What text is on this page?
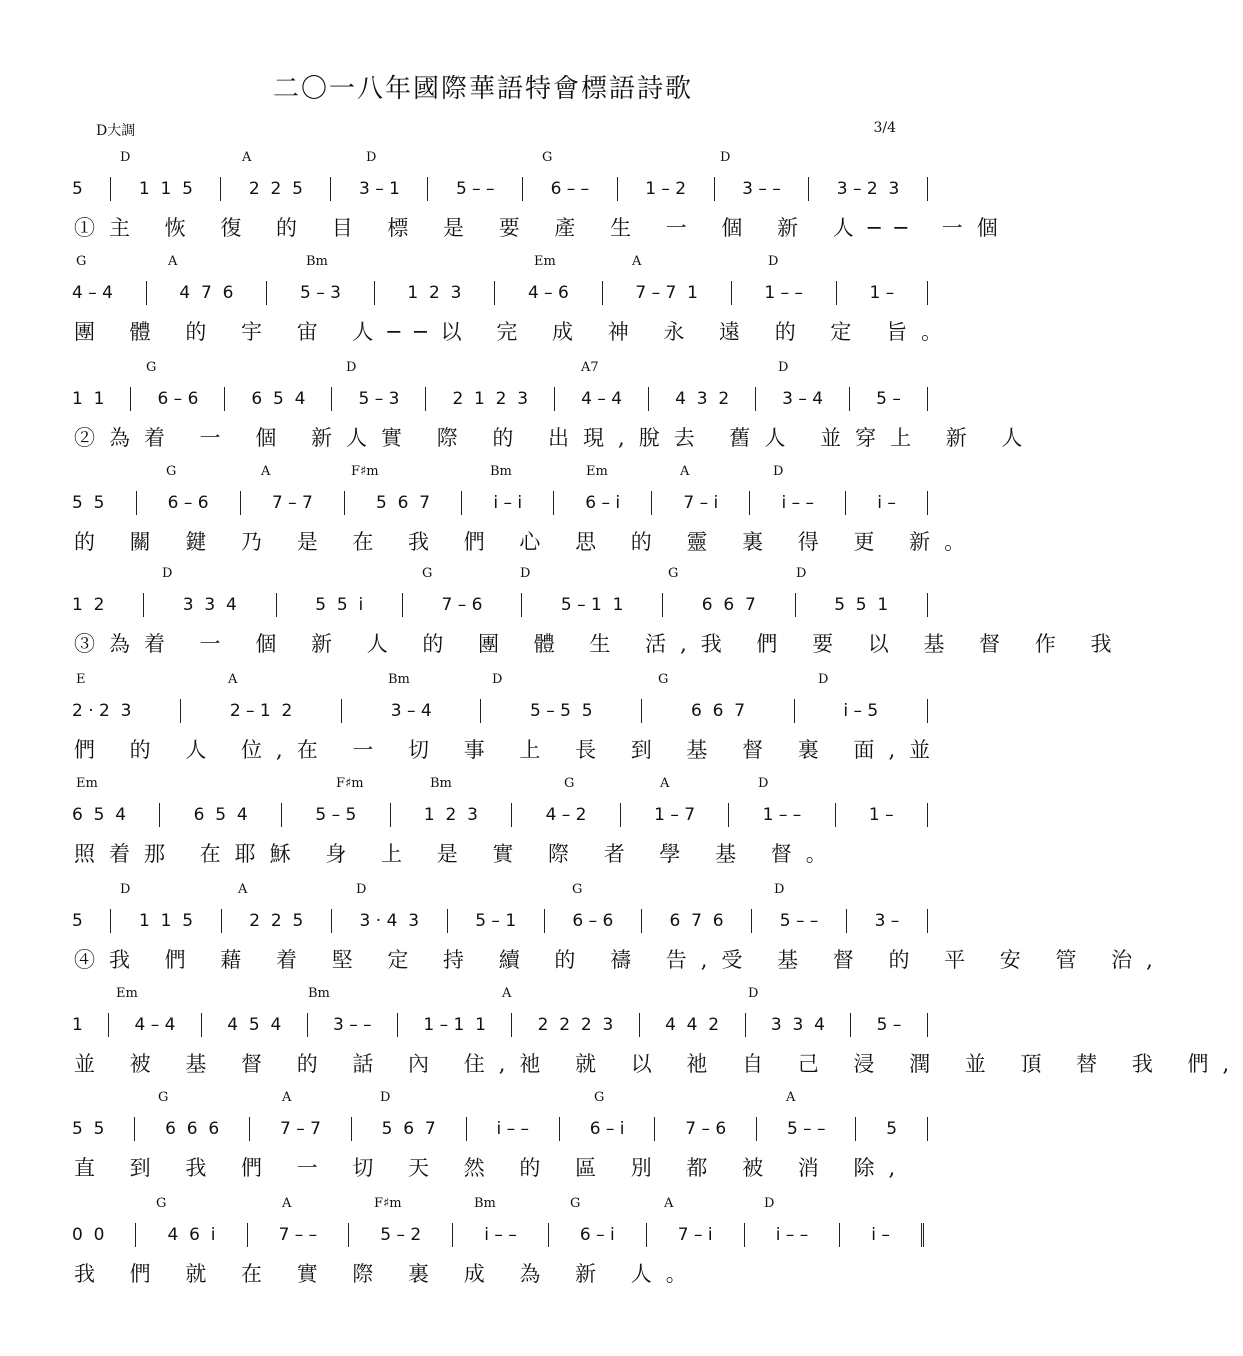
二〇一八年國際華語特會標語詩歌
D大調	3/4
D	A	D	G	D
5	1  1  5	2  2  5	3 – 1	5 – –	6 – –	1 – 2	3 – –	3 – 2  3
①主 恢 復 的 目 標 是 要 產 生 一 個 新 人── 一個
G	A	Bm	Em	A	D
4 – 4	4  7  6	5 – 3	1  2  3	4 – 6	7 – 7  1	1 – –	1 –
團 體 的 宇 宙 人──以 完 成 神 永 遠 的 定 旨。
G	D	A7	D
1  1	6 – 6	6  5  4	5 – 3	2  1  2  3	4 – 4	4  3  2	3 – 4	5 –
②為着 一 個 新人實 際 的 出現,脫去 舊人 並穿上 新 人
G	A	F♯m	Bm	Em	A	D
5  5	6 – 6	7 – 7	5  6  7	i – i	6 – i	7 – i	i – –	i –
的 關 鍵 乃 是 在 我 們 心 思 的 靈 裏 得 更 新。
D	G	D	G	D
1  2	3  3  4	5  5  i	7 – 6	5 – 1  1	6  6  7	5  5  1
③為着 一 個 新 人 的 團 體 生 活,我 們 要 以 基 督 作 我
E	A	Bm	D	G	D
2 · 2  3	2 – 1  2	3 – 4	5 – 5  5	6  6  7	i – 5
們 的 人 位,在 一 切 事 上 長 到 基 督 裏 面,並
Em	F♯m	Bm	G	A	D
6  5  4	6  5  4	5 – 5	1  2  3	4 – 2	1 – 7	1 – –	1 –
照着那 在耶穌 身 上 是 實 際 者 學 基 督。
D	A	D	G	D
5	1  1  5	2  2  5	3 · 4  3	5 – 1	6 – 6	6  7  6	5 – –	3 –
④我 們 藉 着 堅 定 持 續 的 禱 告,受 基 督 的 平 安 管 治,
Em	Bm	A	D
1	4 – 4	4  5  4	3 – –	1 – 1  1	2  2  2  3	4  4  2	3  3  4	5 –
並 被 基 督 的 話 內 住,祂 就 以 祂 自 己 浸 潤 並 頂 替 我 們,
G	A	D	G	A
5  5	6  6  6	7 – 7	5  6  7	i – –	6 – i	7 – 6	5 – –	5
直 到 我 們 一 切 天 然 的 區 別 都 被 消 除,
G	A	F♯m	Bm	G	A	D
0  0	4  6  i	7 – –	5 – 2	i – –	6 – i	7 – i	i – –	i –
我 們 就 在 實 際 裏 成 為 新 人。
